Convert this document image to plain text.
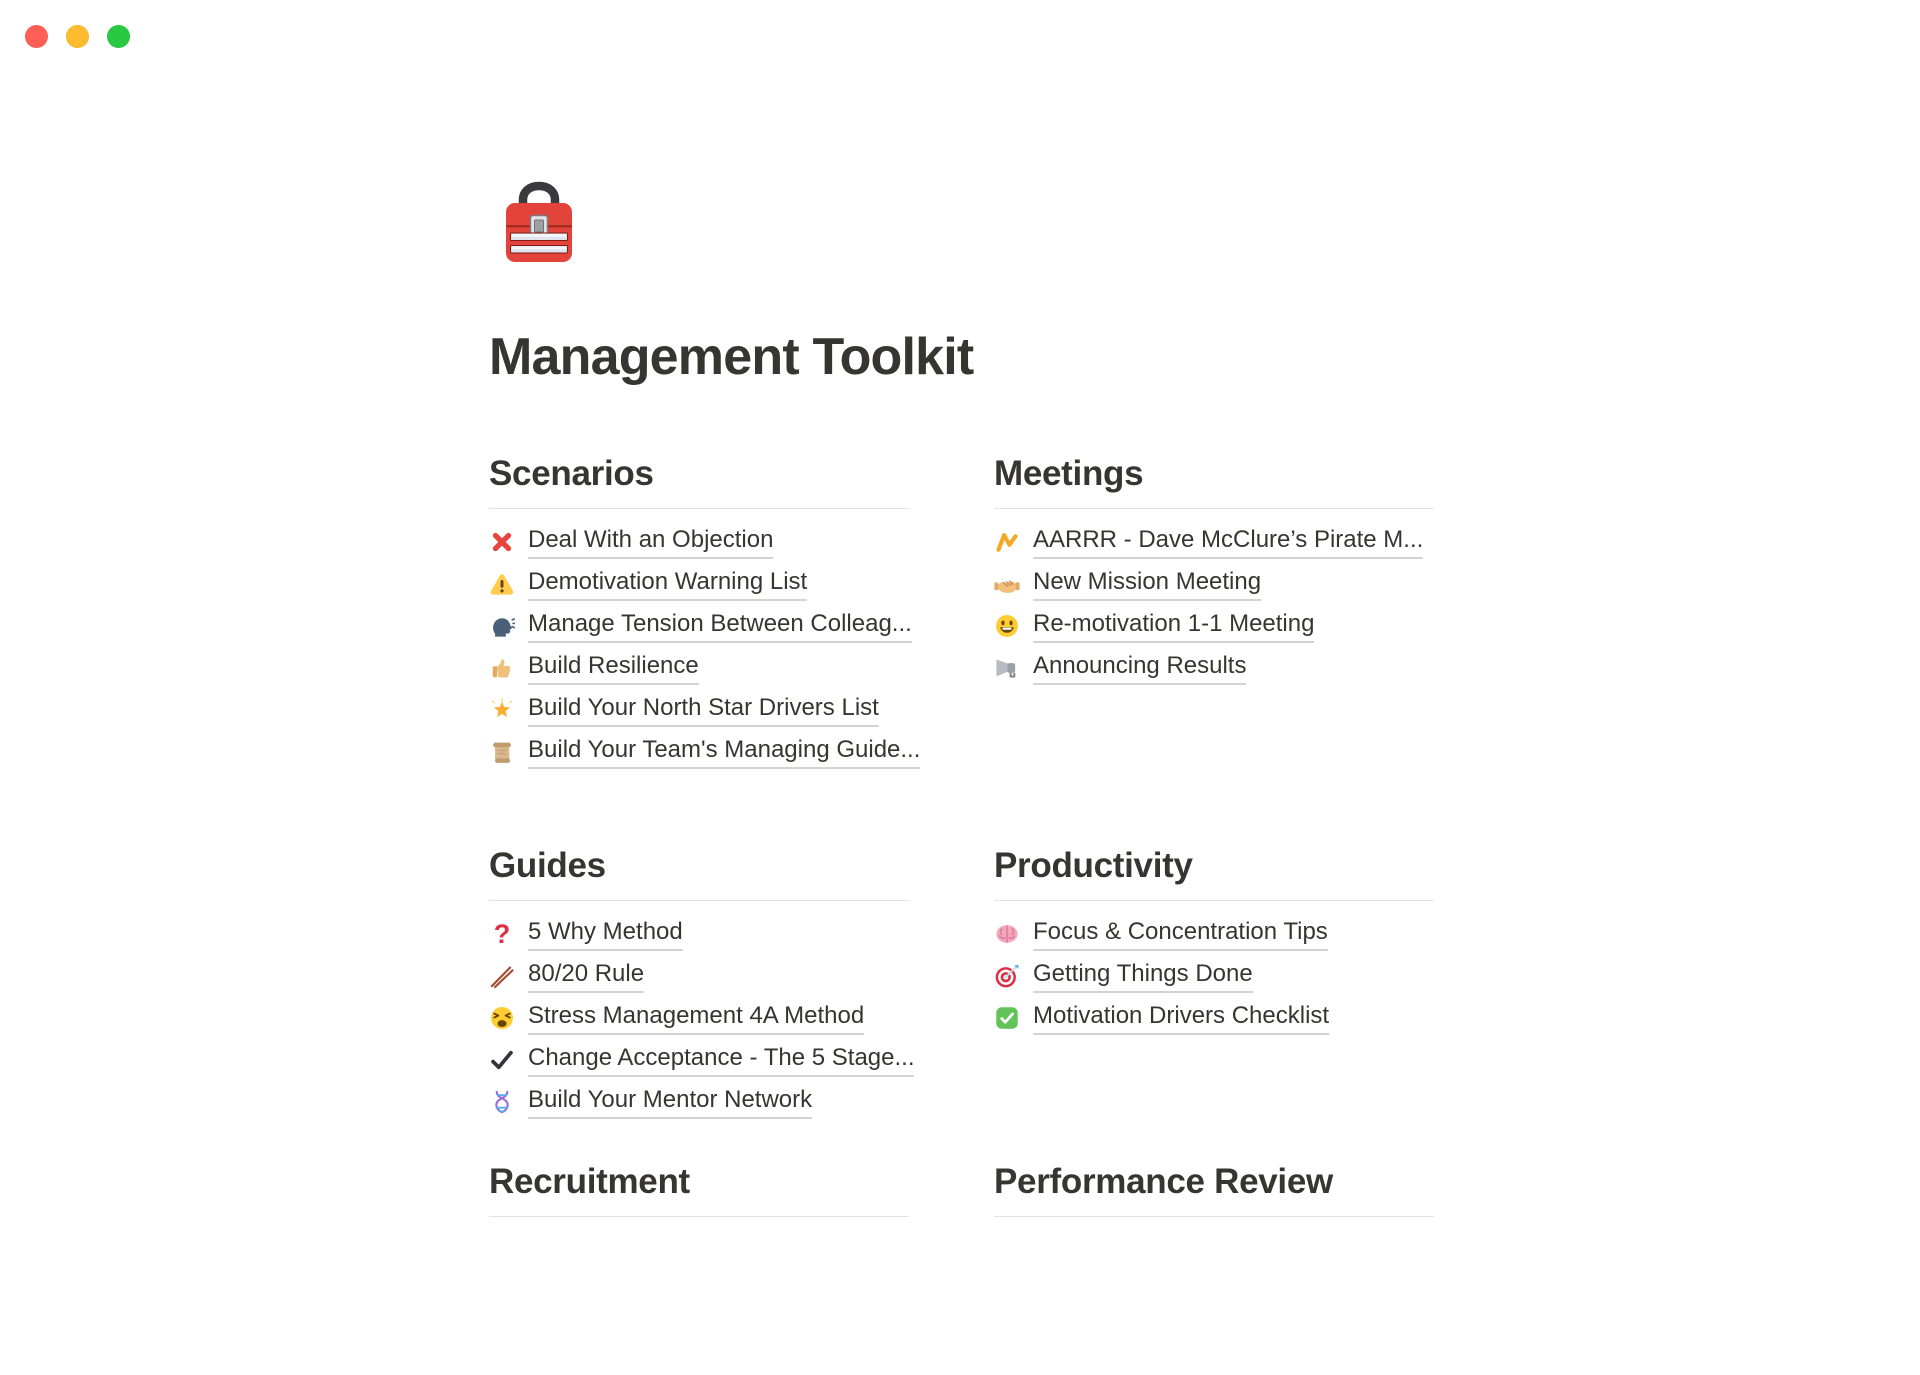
Management Toolkit
Scenarios
Deal With an Objection
Demotivation Warning List
Manage Tension Between Colleag...
Build Resilience
Build Your North Star Drivers List
Build Your Team's Managing Guide...
Meetings
AARRR - Dave McClure’s Pirate M...
New Mission Meeting
Re-motivation 1-1 Meeting
Announcing Results
Guides
? 5 Why Method
80/20 Rule
Stress Management 4A Method
Change Acceptance - The 5 Stage...
Build Your Mentor Network
Productivity
Focus & Concentration Tips
Getting Things Done
Motivation Drivers Checklist
Recruitment	Performance Review
